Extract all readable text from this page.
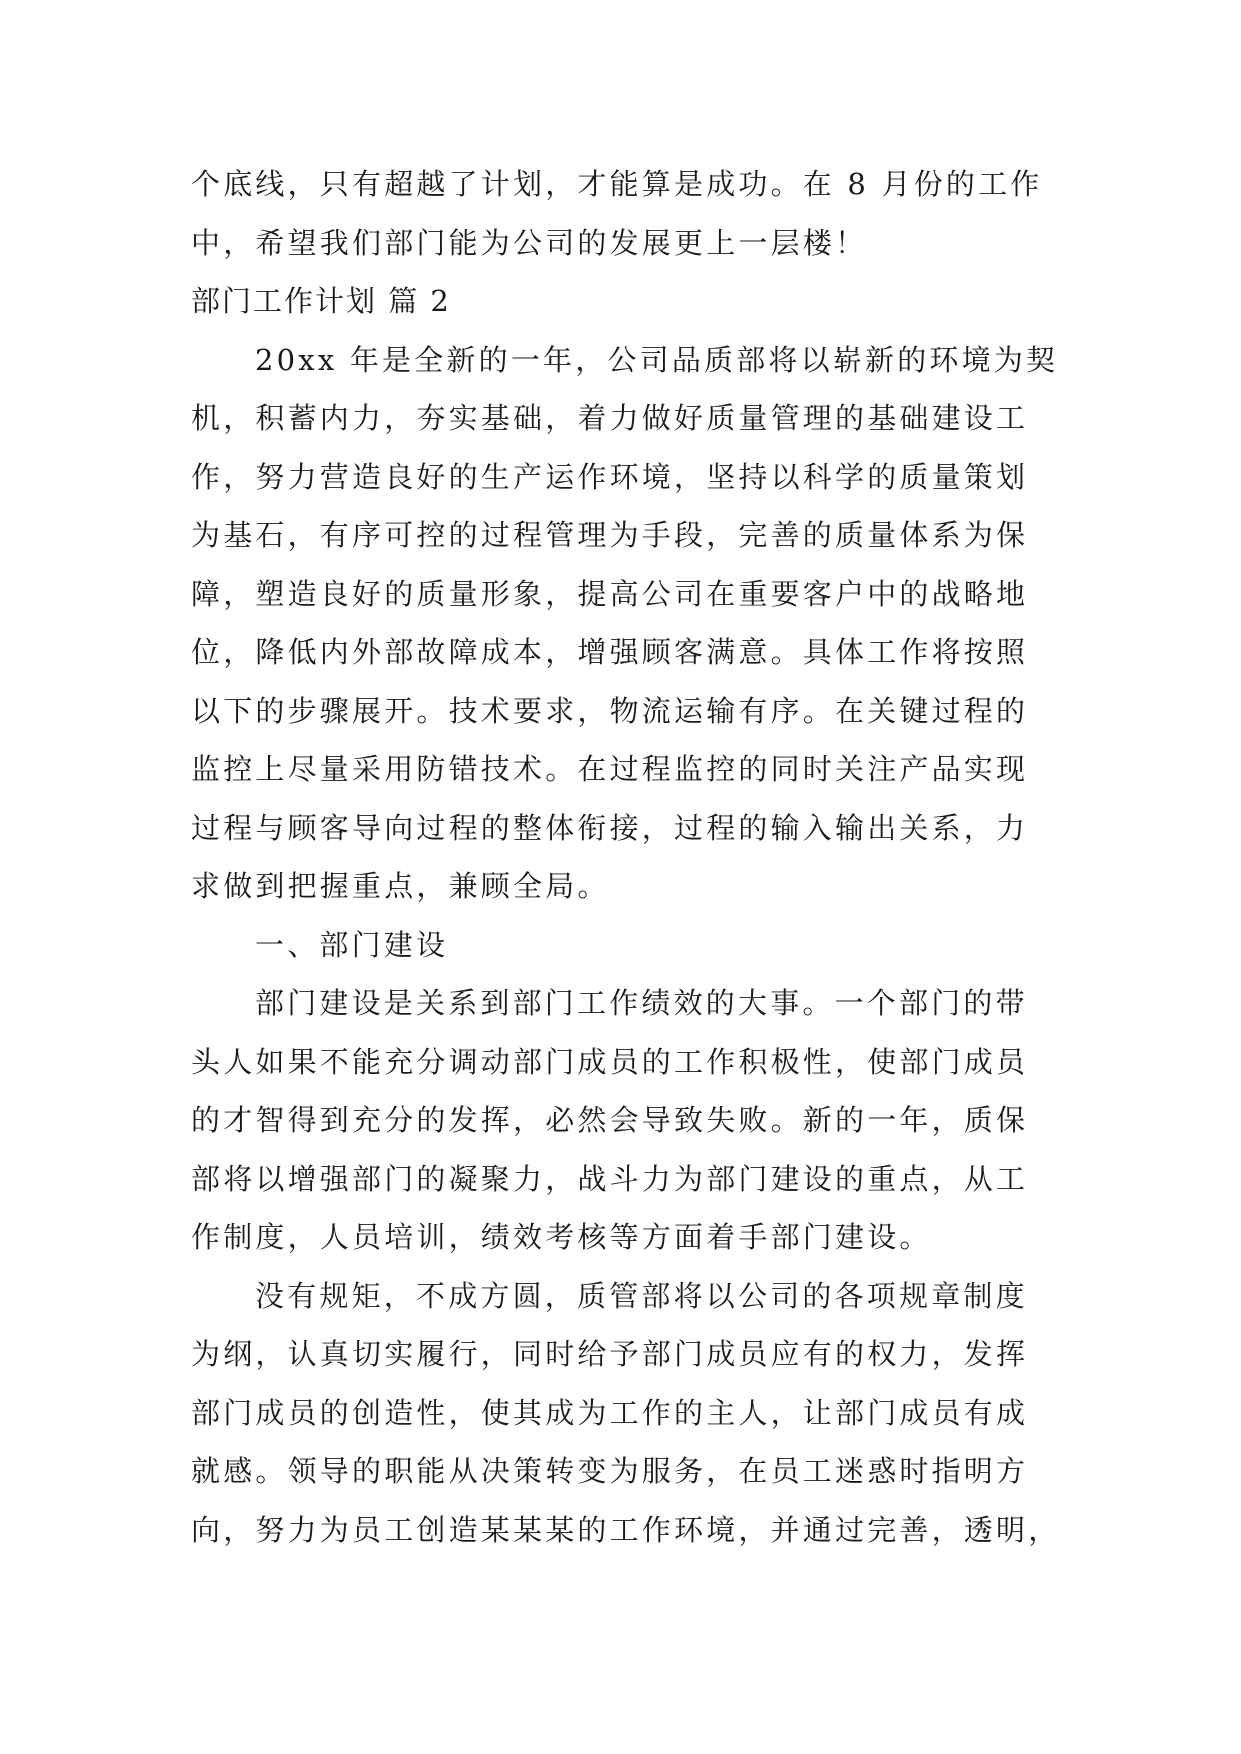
个底线，只有超越了计划，才能算是成功。在 8 月份的工作
中，希望我们部门能为公司的发展更上一层楼！
部门工作计划 篇 2
20xx 年是全新的一年，公司品质部将以崭新的环境为契
机，积蓄内力，夯实基础，着力做好质量管理的基础建设工
作，努力营造良好的生产运作环境，坚持以科学的质量策划
为基石，有序可控的过程管理为手段，完善的质量体系为保
障，塑造良好的质量形象，提高公司在重要客户中的战略地
位，降低内外部故障成本，增强顾客满意。具体工作将按照
以下的步骤展开。技术要求，物流运输有序。在关键过程的
监控上尽量采用防错技术。在过程监控的同时关注产品实现
过程与顾客导向过程的整体衔接，过程的输入输出关系，力
求做到把握重点，兼顾全局。
一、部门建设
部门建设是关系到部门工作绩效的大事。一个部门的带
头人如果不能充分调动部门成员的工作积极性，使部门成员
的才智得到充分的发挥，必然会导致失败。新的一年，质保
部将以增强部门的凝聚力，战斗力为部门建设的重点，从工
作制度，人员培训，绩效考核等方面着手部门建设。
没有规矩，不成方圆，质管部将以公司的各项规章制度
为纲，认真切实履行，同时给予部门成员应有的权力，发挥
部门成员的创造性，使其成为工作的主人，让部门成员有成
就感。领导的职能从决策转变为服务，在员工迷惑时指明方
向，努力为员工创造某某某的工作环境，并通过完善，透明，
